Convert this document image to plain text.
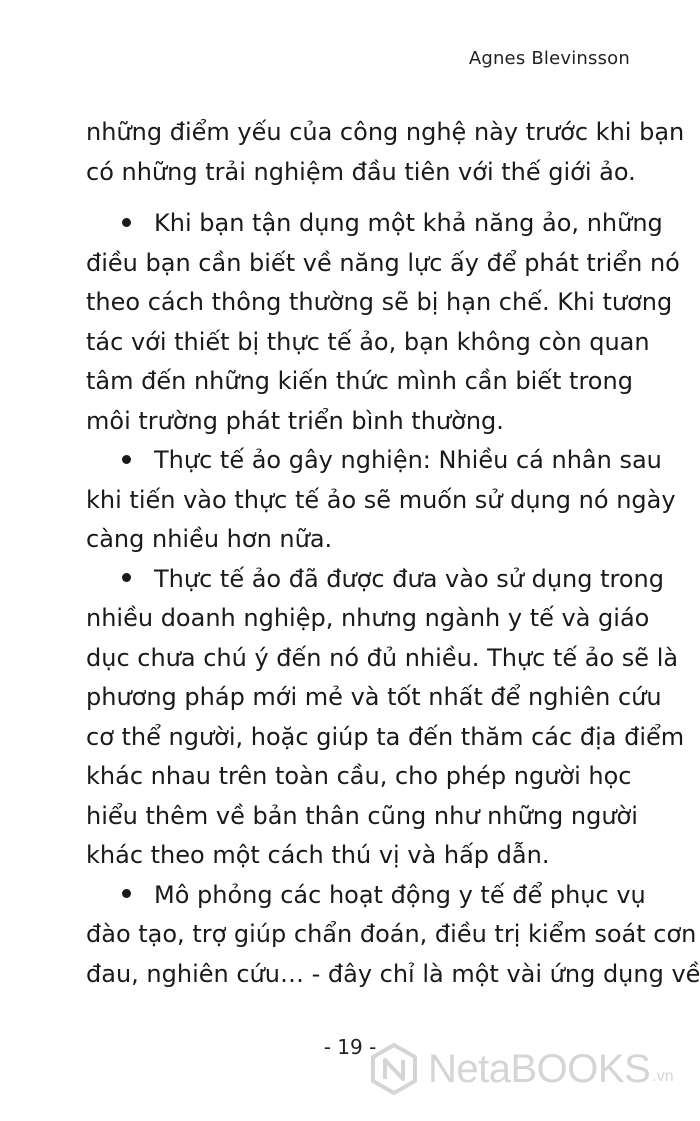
Agnes Blevinsson
những điểm yếu của công nghệ này trước khi bạn
có những trải nghiệm đầu tiên với thế giới ảo.
Khi bạn tận dụng một khả năng ảo, những
điều bạn cần biết về năng lực ấy để phát triển nó
theo cách thông thường sẽ bị hạn chế. Khi tương
tác với thiết bị thực tế ảo, bạn không còn quan
tâm đến những kiến thức mình cần biết trong
môi trường phát triển bình thường.
Thực tế ảo gây nghiện: Nhiều cá nhân sau
khi tiến vào thực tế ảo sẽ muốn sử dụng nó ngày
càng nhiều hơn nữa.
Thực tế ảo đã được đưa vào sử dụng trong
nhiều doanh nghiệp, nhưng ngành y tế và giáo
dục chưa chú ý đến nó đủ nhiều. Thực tế ảo sẽ là
phương pháp mới mẻ và tốt nhất để nghiên cứu
cơ thể người, hoặc giúp ta đến thăm các địa điểm
khác nhau trên toàn cầu, cho phép người học
hiểu thêm về bản thân cũng như những người
khác theo một cách thú vị và hấp dẫn.
Mô phỏng các hoạt động y tế để phục vụ
đào tạo, trợ giúp chẩn đoán, điều trị kiểm soát cơn
đau, nghiên cứu… - đây chỉ là một vài ứng dụng về
- 19 -	NetaBOOKS .vn
